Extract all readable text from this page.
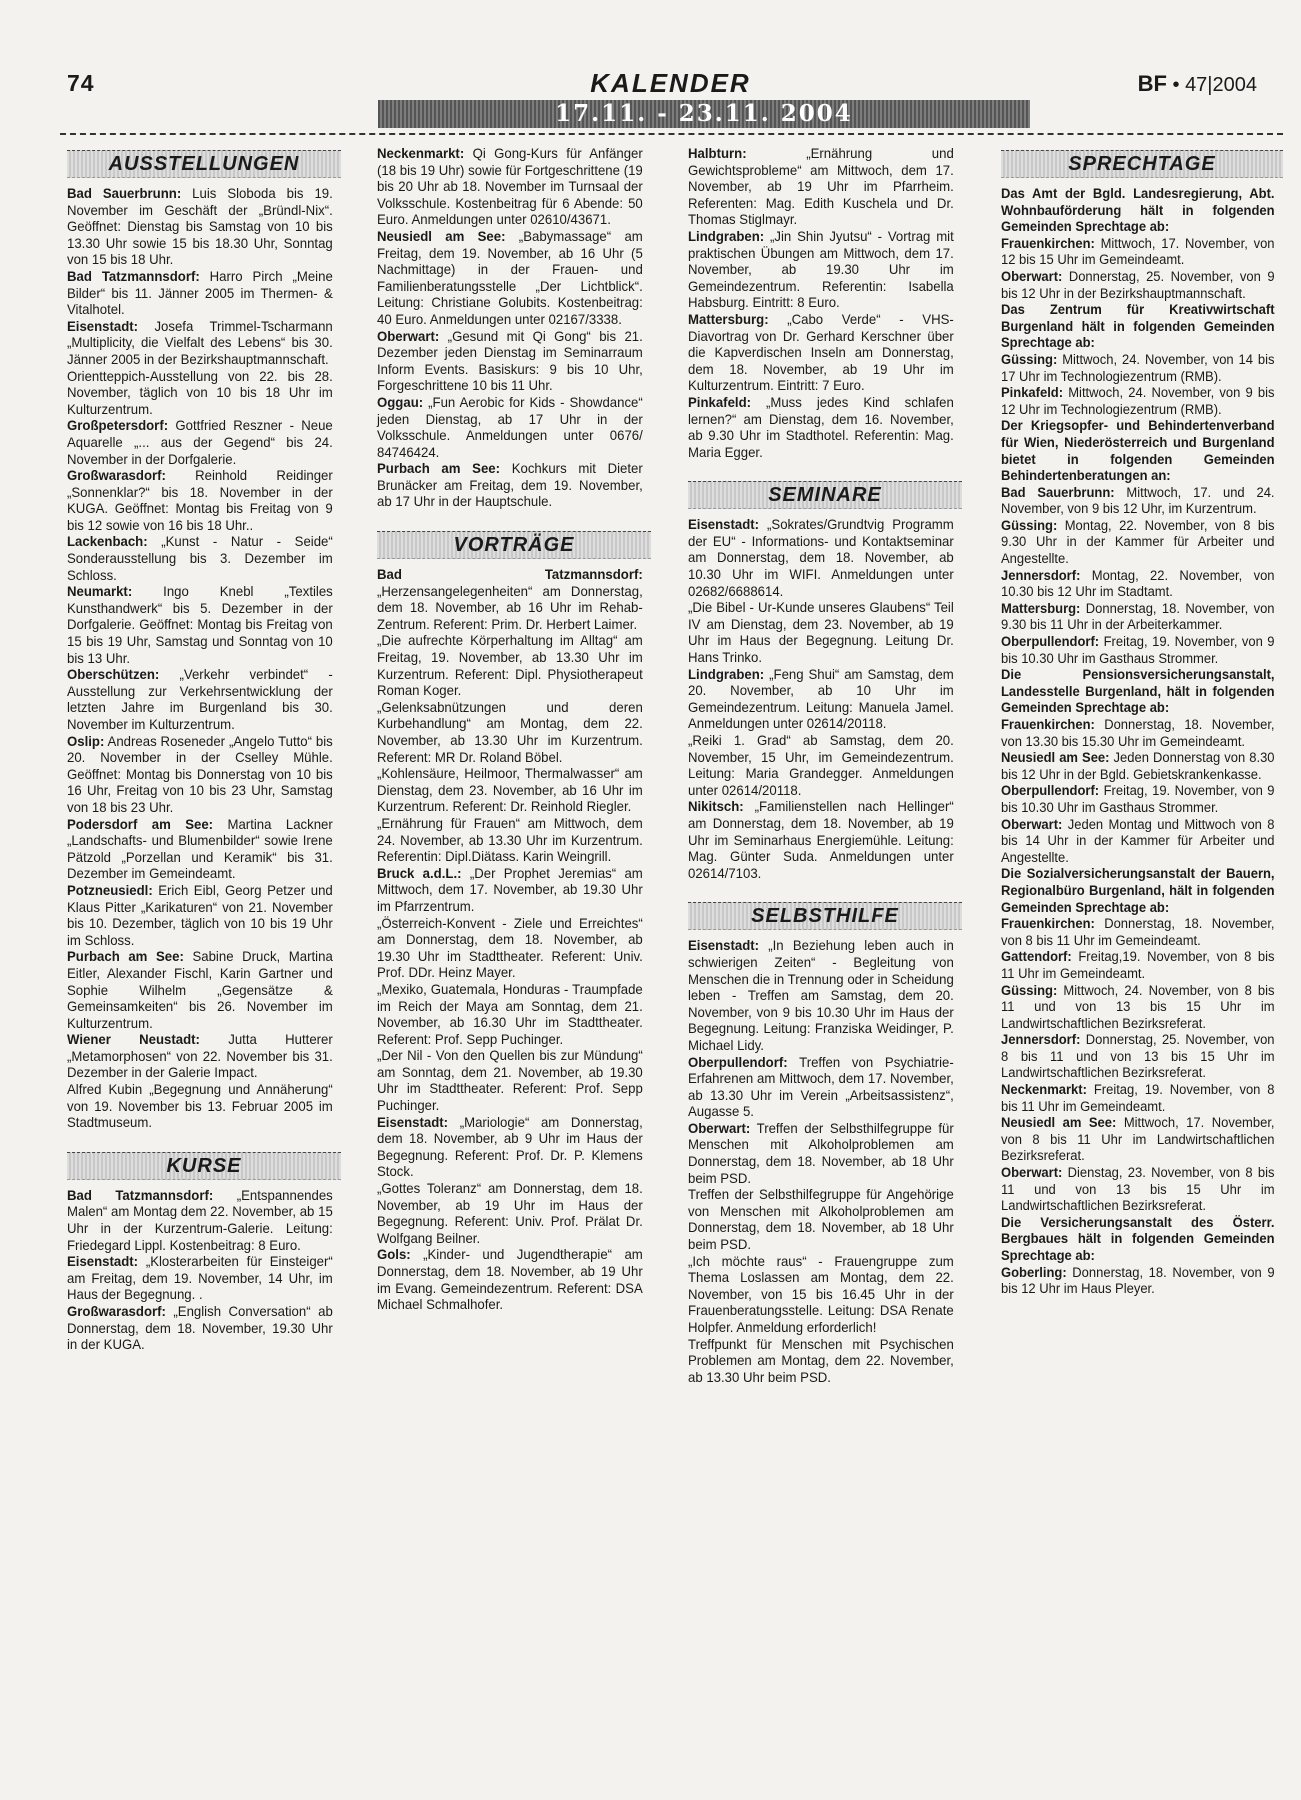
74	KALENDER	BF • 47|2004
17.11. - 23.11. 2004
AUSSTELLUNGEN

Bad Sauerbrunn: Luis Sloboda bis 19. November im Geschäft der „Bründl-Nix“. Geöffnet: Dienstag bis Samstag von 10 bis 13.30 Uhr sowie 15 bis 18.30 Uhr, Sonntag von 15 bis 18 Uhr.

Bad Tatzmannsdorf: Harro Pirch „Meine Bilder“ bis 11. Jänner 2005 im Thermen- & Vitalhotel.

Eisenstadt: Josefa Trimmel-Tscharmann „Multiplicity, die Vielfalt des Lebens“ bis 30. Jänner 2005 in der Bezirkshauptmannschaft.

Orientteppich-Ausstellung von 22. bis 28. November, täglich von 10 bis 18 Uhr im Kulturzentrum.

Großpetersdorf: Gottfried Reszner - Neue Aquarelle „... aus der Gegend“ bis 24. November in der Dorfgalerie.

Großwarasdorf: Reinhold Reidinger „Sonnenklar?“ bis 18. November in der KUGA. Geöffnet: Montag bis Freitag von 9 bis 12 sowie von 16 bis 18 Uhr..

Lackenbach: „Kunst - Natur - Seide“ Sonderausstellung bis 3. Dezember im Schloss.

Neumarkt: Ingo Knebl „Textiles Kunsthandwerk“ bis 5. Dezember in der Dorfgalerie. Geöffnet: Montag bis Freitag von 15 bis 19 Uhr, Samstag und Sonntag von 10 bis 13 Uhr.

Oberschützen: „Verkehr verbindet“ - Ausstellung zur Verkehrsentwicklung der letzten Jahre im Burgenland bis 30. November im Kulturzentrum.

Oslip: Andreas Roseneder „Angelo Tutto“ bis 20. November in der Cselley Mühle. Geöffnet: Montag bis Donnerstag von 10 bis 16 Uhr, Freitag von 10 bis 23 Uhr, Samstag von 18 bis 23 Uhr.

Podersdorf am See: Martina Lackner „Landschafts- und Blumenbilder“ sowie Irene Pätzold „Porzellan und Keramik“ bis 31. Dezember im Gemeindeamt.

Potzneusiedl: Erich Eibl, Georg Petzer und Klaus Pitter „Karikaturen“ von 21. November bis 10. Dezember, täglich von 10 bis 19 Uhr im Schloss.

Purbach am See: Sabine Druck, Martina Eitler, Alexander Fischl, Karin Gartner und Sophie Wilhelm „Gegensätze & Gemeinsamkeiten“ bis 26. November im Kulturzentrum.

Wiener Neustadt: Jutta Hutterer „Metamorphosen“ von 22. November bis 31. Dezember in der Galerie Impact.

Alfred Kubin „Begegnung und Annäherung“ von 19. November bis 13. Februar 2005 im Stadtmuseum.

KURSE

Bad Tatzmannsdorf: „Entspannendes Malen“ am Montag dem 22. November, ab 15 Uhr in der Kurzentrum-Galerie. Leitung: Friedegard Lippl. Kostenbeitrag: 8 Euro.

Eisenstadt: „Klosterarbeiten für Einsteiger“ am Freitag, dem 19. November, 14 Uhr, im Haus der Begegnung. .

Großwarasdorf: „English Conversation“ ab Donnerstag, dem 18. November, 19.30 Uhr in der KUGA.

Neckenmarkt: Qi Gong-Kurs für Anfänger (18 bis 19 Uhr) sowie für Fortgeschrittene (19 bis 20 Uhr ab 18. November im Turnsaal der Volksschule. Kostenbeitrag für 6 Abende: 50 Euro. Anmeldungen unter 02610/43671.

Neusiedl am See: „Babymassage“ am Freitag, dem 19. November, ab 16 Uhr (5 Nachmittage) in der Frauen- und Familienberatungsstelle „Der Lichtblick“. Leitung: Christiane Golubits. Kostenbeitrag: 40 Euro. Anmeldungen unter 02167/3338.

Oberwart: „Gesund mit Qi Gong“ bis 21. Dezember jeden Dienstag im Seminarraum Inform Events. Basiskurs: 9 bis 10 Uhr, Forgeschrittene 10 bis 11 Uhr.

Oggau: „Fun Aerobic for Kids - Showdance“ jeden Dienstag, ab 17 Uhr in der Volksschule. Anmeldungen unter 0676/ 84746424.

Purbach am See: Kochkurs mit Dieter Brunäcker am Freitag, dem 19. November, ab 17 Uhr in der Hauptschule.

VORTRÄGE

Bad Tatzmannsdorf: „Herzensangelegenheiten“ am Donnerstag, dem 18. November, ab 16 Uhr im Rehab-Zentrum. Referent: Prim. Dr. Herbert Laimer.

„Die aufrechte Körperhaltung im Alltag“ am Freitag, 19. November, ab 13.30 Uhr im Kurzentrum. Referent: Dipl. Physiotherapeut Roman Koger.

„Gelenksabnützungen und deren Kurbehandlung“ am Montag, dem 22. November, ab 13.30 Uhr im Kurzentrum. Referent: MR Dr. Roland Böbel.

„Kohlensäure, Heilmoor, Thermalwasser“ am Dienstag, dem 23. November, ab 16 Uhr im Kurzentrum. Referent: Dr. Reinhold Riegler.

„Ernährung für Frauen“ am Mittwoch, dem 24. November, ab 13.30 Uhr im Kurzentrum. Referentin: Dipl.Diätass. Karin Weingrill.

Bruck a.d.L.: „Der Prophet Jeremias“ am Mittwoch, dem 17. November, ab 19.30 Uhr im Pfarrzentrum.

„Österreich-Konvent - Ziele und Erreichtes“ am Donnerstag, dem 18. November, ab 19.30 Uhr im Stadttheater. Referent: Univ. Prof. DDr. Heinz Mayer.

„Mexiko, Guatemala, Honduras - Traumpfade im Reich der Maya am Sonntag, dem 21. November, ab 16.30 Uhr im Stadttheater. Referent: Prof. Sepp Puchinger.

„Der Nil - Von den Quellen bis zur Mündung“ am Sonntag, dem 21. November, ab 19.30 Uhr im Stadttheater. Referent: Prof. Sepp Puchinger.

Eisenstadt: „Mariologie“ am Donnerstag, dem 18. November, ab 9 Uhr im Haus der Begegnung. Referent: Prof. Dr. P. Klemens Stock.

„Gottes Toleranz“ am Donnerstag, dem 18. November, ab 19 Uhr im Haus der Begegnung. Referent: Univ. Prof. Prälat Dr. Wolfgang Beilner.

Gols: „Kinder- und Jugendtherapie“ am Donnerstag, dem 18. November, ab 19 Uhr im Evang. Gemeindezentrum. Referent: DSA Michael Schmalhofer.

Halbturn: „Ernährung und Gewichtsprobleme“ am Mittwoch, dem 17. November, ab 19 Uhr im Pfarrheim. Referenten: Mag. Edith Kuschela und Dr. Thomas Stiglmayr.

Lindgraben: „Jin Shin Jyutsu“ - Vortrag mit praktischen Übungen am Mittwoch, dem 17. November, ab 19.30 Uhr im Gemeindezentrum. Referentin: Isabella Habsburg. Eintritt: 8 Euro.

Mattersburg: „Cabo Verde“ - VHS-Diavortrag von Dr. Gerhard Kerschner über die Kapverdischen Inseln am Donnerstag, dem 18. November, ab 19 Uhr im Kulturzentrum. Eintritt: 7 Euro.

Pinkafeld: „Muss jedes Kind schlafen lernen?“ am Dienstag, dem 16. November, ab 9.30 Uhr im Stadthotel. Referentin: Mag. Maria Egger.

SEMINARE

Eisenstadt: „Sokrates/Grundtvig Programm der EU“ - Informations- und Kontaktseminar am Donnerstag, dem 18. November, ab 10.30 Uhr im WIFI. Anmeldungen unter 02682/6688614.

„Die Bibel - Ur-Kunde unseres Glaubens“ Teil IV am Dienstag, dem 23. November, ab 19 Uhr im Haus der Begegnung. Leitung Dr. Hans Trinko.

Lindgraben: „Feng Shui“ am Samstag, dem 20. November, ab 10 Uhr im Gemeindezentrum. Leitung: Manuela Jamel. Anmeldungen unter 02614/20118.

„Reiki 1. Grad“ ab Samstag, dem 20. November, 15 Uhr, im Gemeindezentrum. Leitung: Maria Grandegger. Anmeldungen unter 02614/20118.

Nikitsch: „Familienstellen nach Hellinger“ am Donnerstag, dem 18. November, ab 19 Uhr im Seminarhaus Energiemühle. Leitung: Mag. Günter Suda. Anmeldungen unter 02614/7103.

SELBSTHILFE

Eisenstadt: „In Beziehung leben auch in schwierigen Zeiten“ - Begleitung von Menschen die in Trennung oder in Scheidung leben - Treffen am Samstag, dem 20. November, von 9 bis 10.30 Uhr im Haus der Begegnung. Leitung: Franziska Weidinger, P. Michael Lidy.

Oberpullendorf: Treffen von Psychiatrie-Erfahrenen am Mittwoch, dem 17. November, ab 13.30 Uhr im Verein „Arbeitsassistenz“, Augasse 5.

Oberwart: Treffen der Selbsthilfegruppe für Menschen mit Alkoholproblemen am Donnerstag, dem 18. November, ab 18 Uhr beim PSD.

Treffen der Selbsthilfegruppe für Angehörige von Menschen mit Alkoholproblemen am Donnerstag, dem 18. November, ab 18 Uhr beim PSD.

„Ich möchte raus“ - Frauengruppe zum Thema Loslassen am Montag, dem 22. November, von 15 bis 16.45 Uhr in der Frauenberatungsstelle. Leitung: DSA Renate Holpfer. Anmeldung erforderlich!

Treffpunkt für Menschen mit Psychischen Problemen am Montag, dem 22. November, ab 13.30 Uhr beim PSD.

SPRECHTAGE

Das Amt der Bgld. Landesregierung, Abt. Wohnbauförderung hält in folgenden Gemeinden Sprechtage ab:

Frauenkirchen: Mittwoch, 17. November, von 12 bis 15 Uhr im Gemeindeamt.

Oberwart: Donnerstag, 25. November, von 9 bis 12 Uhr in der Bezirkshauptmannschaft.

Das Zentrum für Kreativwirtschaft Burgenland hält in folgenden Gemeinden Sprechtage ab:

Güssing: Mittwoch, 24. November, von 14 bis 17 Uhr im Technologiezentrum (RMB).

Pinkafeld: Mittwoch, 24. November, von 9 bis 12 Uhr im Technologiezentrum (RMB).

Der Kriegsopfer- und Behindertenverband für Wien, Niederösterreich und Burgenland bietet in folgenden Gemeinden Behindertenberatungen an:

Bad Sauerbrunn: Mittwoch, 17. und 24. November, von 9 bis 12 Uhr, im Kurzentrum.

Güssing: Montag, 22. November, von 8 bis 9.30 Uhr in der Kammer für Arbeiter und Angestellte.

Jennersdorf: Montag, 22. November, von 10.30 bis 12 Uhr im Stadtamt.

Mattersburg: Donnerstag, 18. November, von 9.30 bis 11 Uhr in der Arbeiterkammer.

Oberpullendorf: Freitag, 19. November, von 9 bis 10.30 Uhr im Gasthaus Strommer.

Die Pensionsversicherungsanstalt, Landesstelle Burgenland, hält in folgenden Gemeinden Sprechtage ab:

Frauenkirchen: Donnerstag, 18. November, von 13.30 bis 15.30 Uhr im Gemeindeamt.

Neusiedl am See: Jeden Donnerstag von 8.30 bis 12 Uhr in der Bgld. Gebietskrankenkasse.

Oberpullendorf: Freitag, 19. November, von 9 bis 10.30 Uhr im Gasthaus Strommer.

Oberwart: Jeden Montag und Mittwoch von 8 bis 14 Uhr in der Kammer für Arbeiter und Angestellte.

Die Sozialversicherungsanstalt der Bauern, Regionalbüro Burgenland, hält in folgenden Gemeinden Sprechtage ab:

Frauenkirchen: Donnerstag, 18. November, von 8 bis 11 Uhr im Gemeindeamt.

Gattendorf: Freitag,19. November, von 8 bis 11 Uhr im Gemeindeamt.

Güssing: Mittwoch, 24. November, von 8 bis 11 und von 13 bis 15 Uhr im Landwirtschaftlichen Bezirksreferat.

Jennersdorf: Donnerstag, 25. November, von 8 bis 11 und von 13 bis 15 Uhr im Landwirtschaftlichen Bezirksreferat.

Neckenmarkt: Freitag, 19. November, von 8 bis 11 Uhr im Gemeindeamt.

Neusiedl am See: Mittwoch, 17. November, von 8 bis 11 Uhr im Landwirtschaftlichen Bezirksreferat.

Oberwart: Dienstag, 23. November, von 8 bis 11 und von 13 bis 15 Uhr im Landwirtschaftlichen Bezirksreferat.

Die Versicherungsanstalt des Österr. Bergbaues hält in folgenden Gemeinden Sprechtage ab:

Goberling: Donnerstag, 18. November, von 9 bis 12 Uhr im Haus Pleyer.
